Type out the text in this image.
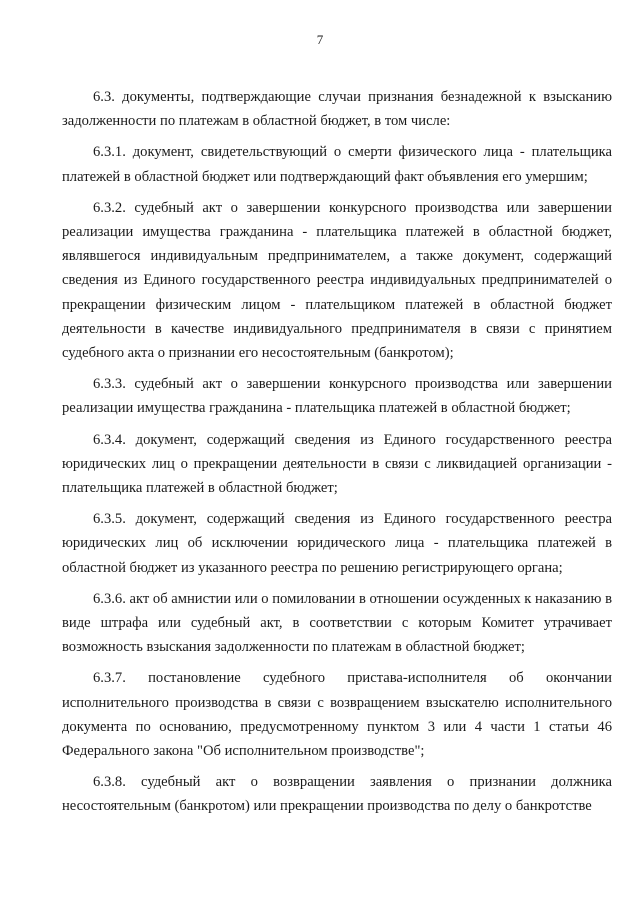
7

6.3. документы, подтверждающие случаи признания безнадежной к взысканию задолженности по платежам в областной бюджет, в том числе:

6.3.1. документ, свидетельствующий о смерти физического лица - плательщика платежей в областной бюджет или подтверждающий факт объявления его умершим;

6.3.2. судебный акт о завершении конкурсного производства или завершении реализации имущества гражданина - плательщика платежей в областной бюджет, являвшегося индивидуальным предпринимателем, а также документ, содержащий сведения из Единого государственного реестра индивидуальных предпринимателей о прекращении физическим лицом - плательщиком платежей в областной бюджет деятельности в качестве индивидуального предпринимателя в связи с принятием судебного акта о признании его несостоятельным (банкротом);

6.3.3. судебный акт о завершении конкурсного производства или завершении реализации имущества гражданина - плательщика платежей в областной бюджет;

6.3.4. документ, содержащий сведения из Единого государственного реестра юридических лиц о прекращении деятельности в связи с ликвидацией организации - плательщика платежей в областной бюджет;

6.3.5. документ, содержащий сведения из Единого государственного реестра юридических лиц об исключении юридического лица - плательщика платежей в областной бюджет из указанного реестра по решению регистрирующего органа;

6.3.6. акт об амнистии или о помиловании в отношении осужденных к наказанию в виде штрафа или судебный акт, в соответствии с которым Комитет утрачивает возможность взыскания задолженности по платежам в областной бюджет;

6.3.7. постановление судебного пристава-исполнителя об окончании исполнительного производства в связи с возвращением взыскателю исполнительного документа по основанию, предусмотренному пунктом 3 или 4 части 1 статьи 46 Федерального закона "Об исполнительном производстве";

6.3.8. судебный акт о возвращении заявления о признании должника несостоятельным (банкротом) или прекращении производства по делу о банкротстве
